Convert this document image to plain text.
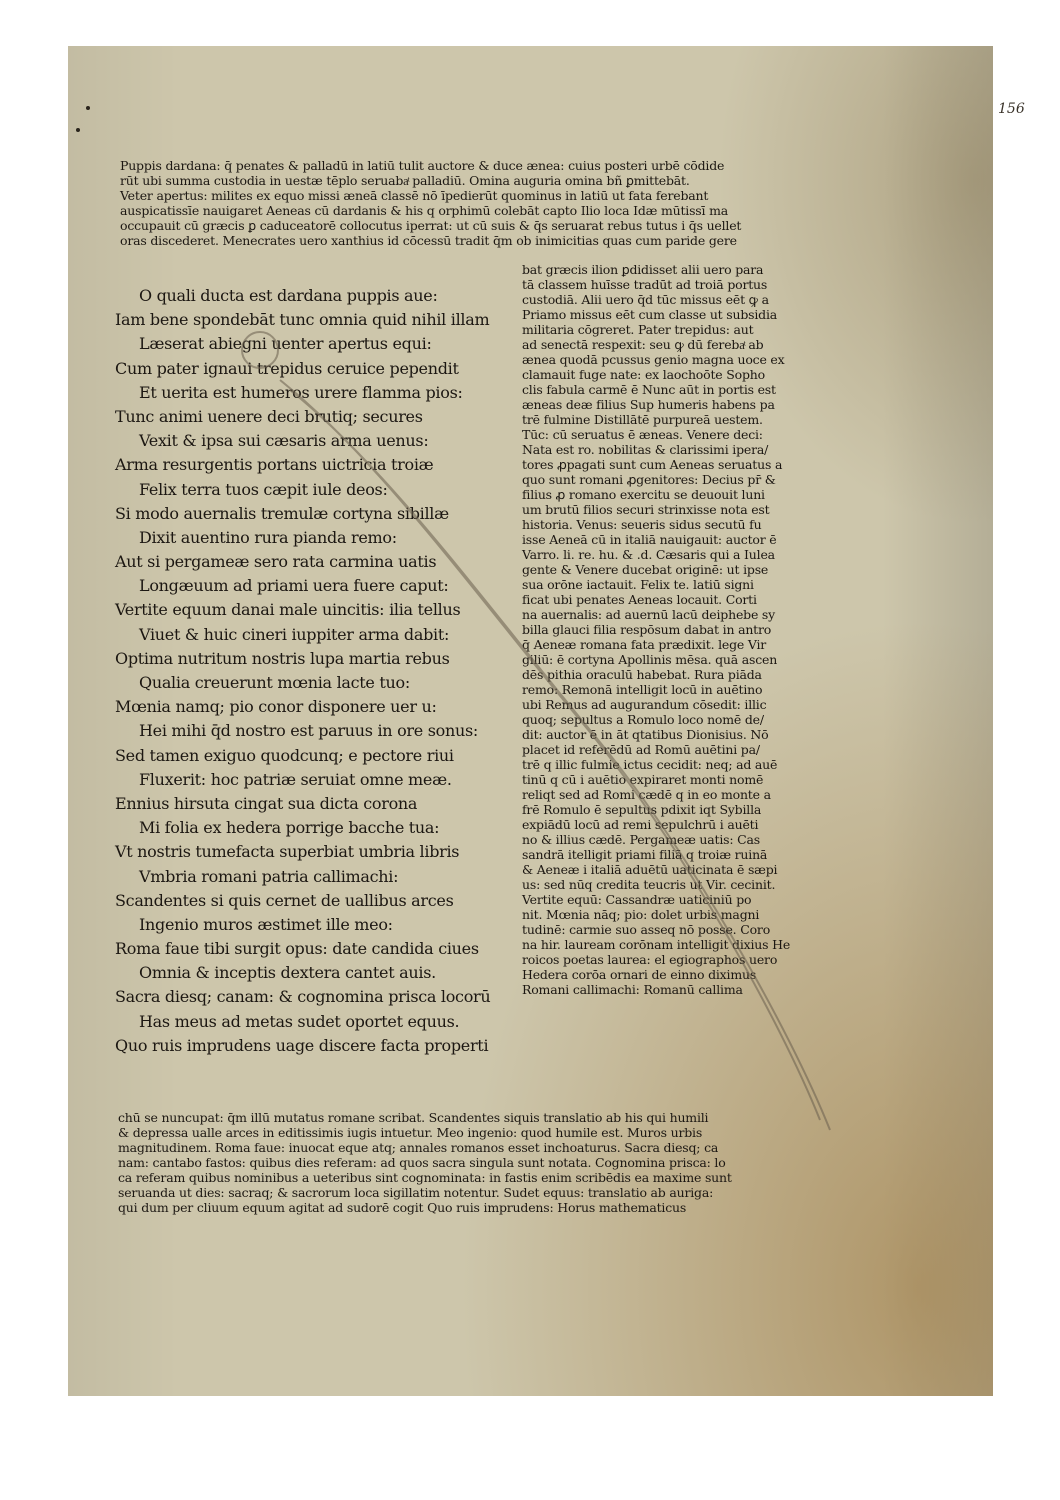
156
Puppis dardana: q̄ penates & palladū in latiū tulit auctore & duce ænea: cuius posteri urbē cōdide
rūt ubi summa custodia in uestæ tēplo seruabaͭ palladiū. Omina auguria omina bñ ꝑmittebāt.
Veter apertus: milites ex equo missi æneā classē nō īpedierūt quominus in latiū ut fata ferebant
auspicatissīe nauigaret Aeneas cū dardanis & his q orphimū colebāt capto Ilio loca Idæ mūtissī ma
occupauit cū græcis ꝑ caduceatorē collocutus iperrat: ut cū suis & q̄s seruarat rebus tutus i q̄s uellet
oras discederet. Menecrates uero xanthius id cōcessū tradit q̄m ob inimicitias quas cum paride gere
bat græcis ilion ꝑdidisset alii uero para
tā classem huīsse tradūt ad troiā portus
custodiā. Alii uero q̄d tūc missus eēt ꝙ a
Priamo missus eēt cum classe ut subsidia
militaria cōgreret. Pater trepidus: aut
ad senectā respexit: seu ꝙ dū ferebaͭ ab
ænea quodā pcussus genio magna uoce ex
clamauit fuge nate: ex laochoōte Sopho
clis fabula carmē ē Nunc aūt in portis est
æneas deæ filius Sup humeris habens pa
trē fulmine Distillātē purpureā uestem.
Tūc: cū seruatus ē æneas. Venere deci:
Nata est ro. nobilitas & clarissimi ipera/
tores ꝓpagati sunt cum Aeneas seruatus a
quo sunt romani ꝓgenitores: Decius pr̄ &
filius ꝓ romano exercitu se deuouit luni
um brutū filios securi strinxisse nota est
historia. Venus: seueris sidus secutū fu
isse Aeneā cū in italiā nauigauit: auctor ē
Varro. li. re. hu. & .d. Cæsaris qui a Iulea
gente & Venere ducebat originē: ut ipse
sua orōne iactauit. Felix te. latiū signi
ficat ubi penates Aeneas locauit. Corti
na auernalis: ad auernū lacū deiphebe sy
billa glauci filia respōsum dabat in antro
q̄ Aeneæ romana fata prædixit. lege Vir
giliū: ē cortyna Apollinis mēsa. quā ascen
dēs pithia oraculū habebat. Rura piāda
remo: Remonā intelligit locū in auētino
ubi Remus ad augurandum cōsedit: illic
quoq; sepultus a Romulo loco nomē de/
dit: auctor ē in āt qtatibus Dionisius. Nō
placet id referēdū ad Romū auētini pa/
trē q illic fulmie ictus cecidit: neq; ad auē
tinū q cū i auētio expiraret monti nomē
reliqt sed ad Romi cædē q in eo monte a
frē Romulo ē sepultus pdixit iqt Sybilla
expiādū locū ad remi sepulchrū i auēti
no & illius cædē. Pergameæ uatis: Cas
sandrā itelligit priami filiā q troiæ ruinā
& Aeneæ i italiā aduētū uaticinata ē sæpi
us: sed nūq credita teucris ut Vir. cecinit.
Vertite equū: Cassandræ uaticiniū po
nit. Mœnia nāq; pio: dolet urbis magni
tudinē: carmie suo asseq nō posse. Coro
na hir. lauream corōnam intelligit dixius He
roicos poetas laurea: el egiographos uero
Hedera corōa ornari de einno diximus
Romani callimachi: Romanū callima
O quali ducta est dardana puppis aue:
Iam bene spondebāt tunc omnia quid nihil illam
Læserat abiegni uenter apertus equi:
Cum pater ignaui trepidus ceruice pependit
Et uerita est humeros urere flamma pios:
Tunc animi uenere deci brutiq; secures
Vexit & ipsa sui cæsaris arma uenus:
Arma resurgentis portans uictricia troiæ
Felix terra tuos cæpit iule deos:
Si modo auernalis tremulæ cortyna sibillæ
Dixit auentino rura pianda remo:
Aut si pergameæ sero rata carmina uatis
Longæuum ad priami uera fuere caput:
Vertite equum danai male uincitis: ilia tellus
Viuet & huic cineri iuppiter arma dabit:
Optima nutritum nostris lupa martia rebus
Qualia creuerunt mœnia lacte tuo:
Mœnia namq; pio conor disponere uer u:
Hei mihi q̄d nostro est paruus in ore sonus:
Sed tamen exiguo quodcunq; e pectore riui
Fluxerit: hoc patriæ seruiat omne meæ.
Ennius hirsuta cingat sua dicta corona
Mi folia ex hedera porrige bacche tua:
Vt nostris tumefacta superbiat umbria libris
Vmbria romani patria callimachi:
Scandentes si quis cernet de uallibus arces
Ingenio muros æstimet ille meo:
Roma faue tibi surgit opus: date candida ciues
Omnia & inceptis dextera cantet auis.
Sacra diesq; canam: & cognomina prisca locorū
Has meus ad metas sudet oportet equus.
Quo ruis imprudens uage discere facta properti
chū se nuncupat: q̄m illū mutatus romane scribat. Scandentes siquis translatio ab his qui humili
& depressa ualle arces in editissimis iugis intuetur. Meo ingenio: quod humile est. Muros urbis
magnitudinem. Roma faue: inuocat eque atq; annales romanos esset inchoaturus. Sacra diesq; ca
nam: cantabo fastos: quibus dies referam: ad quos sacra singula sunt notata. Cognomina prisca: lo
ca referam quibus nominibus a ueteribus sint cognominata: in fastis enim scribēdis ea maxime sunt
seruanda ut dies: sacraq; & sacrorum loca sigillatim notentur. Sudet equus: translatio ab auriga:
qui dum per cliuum equum agitat ad sudorē cogit Quo ruis imprudens: Horus mathematicus
